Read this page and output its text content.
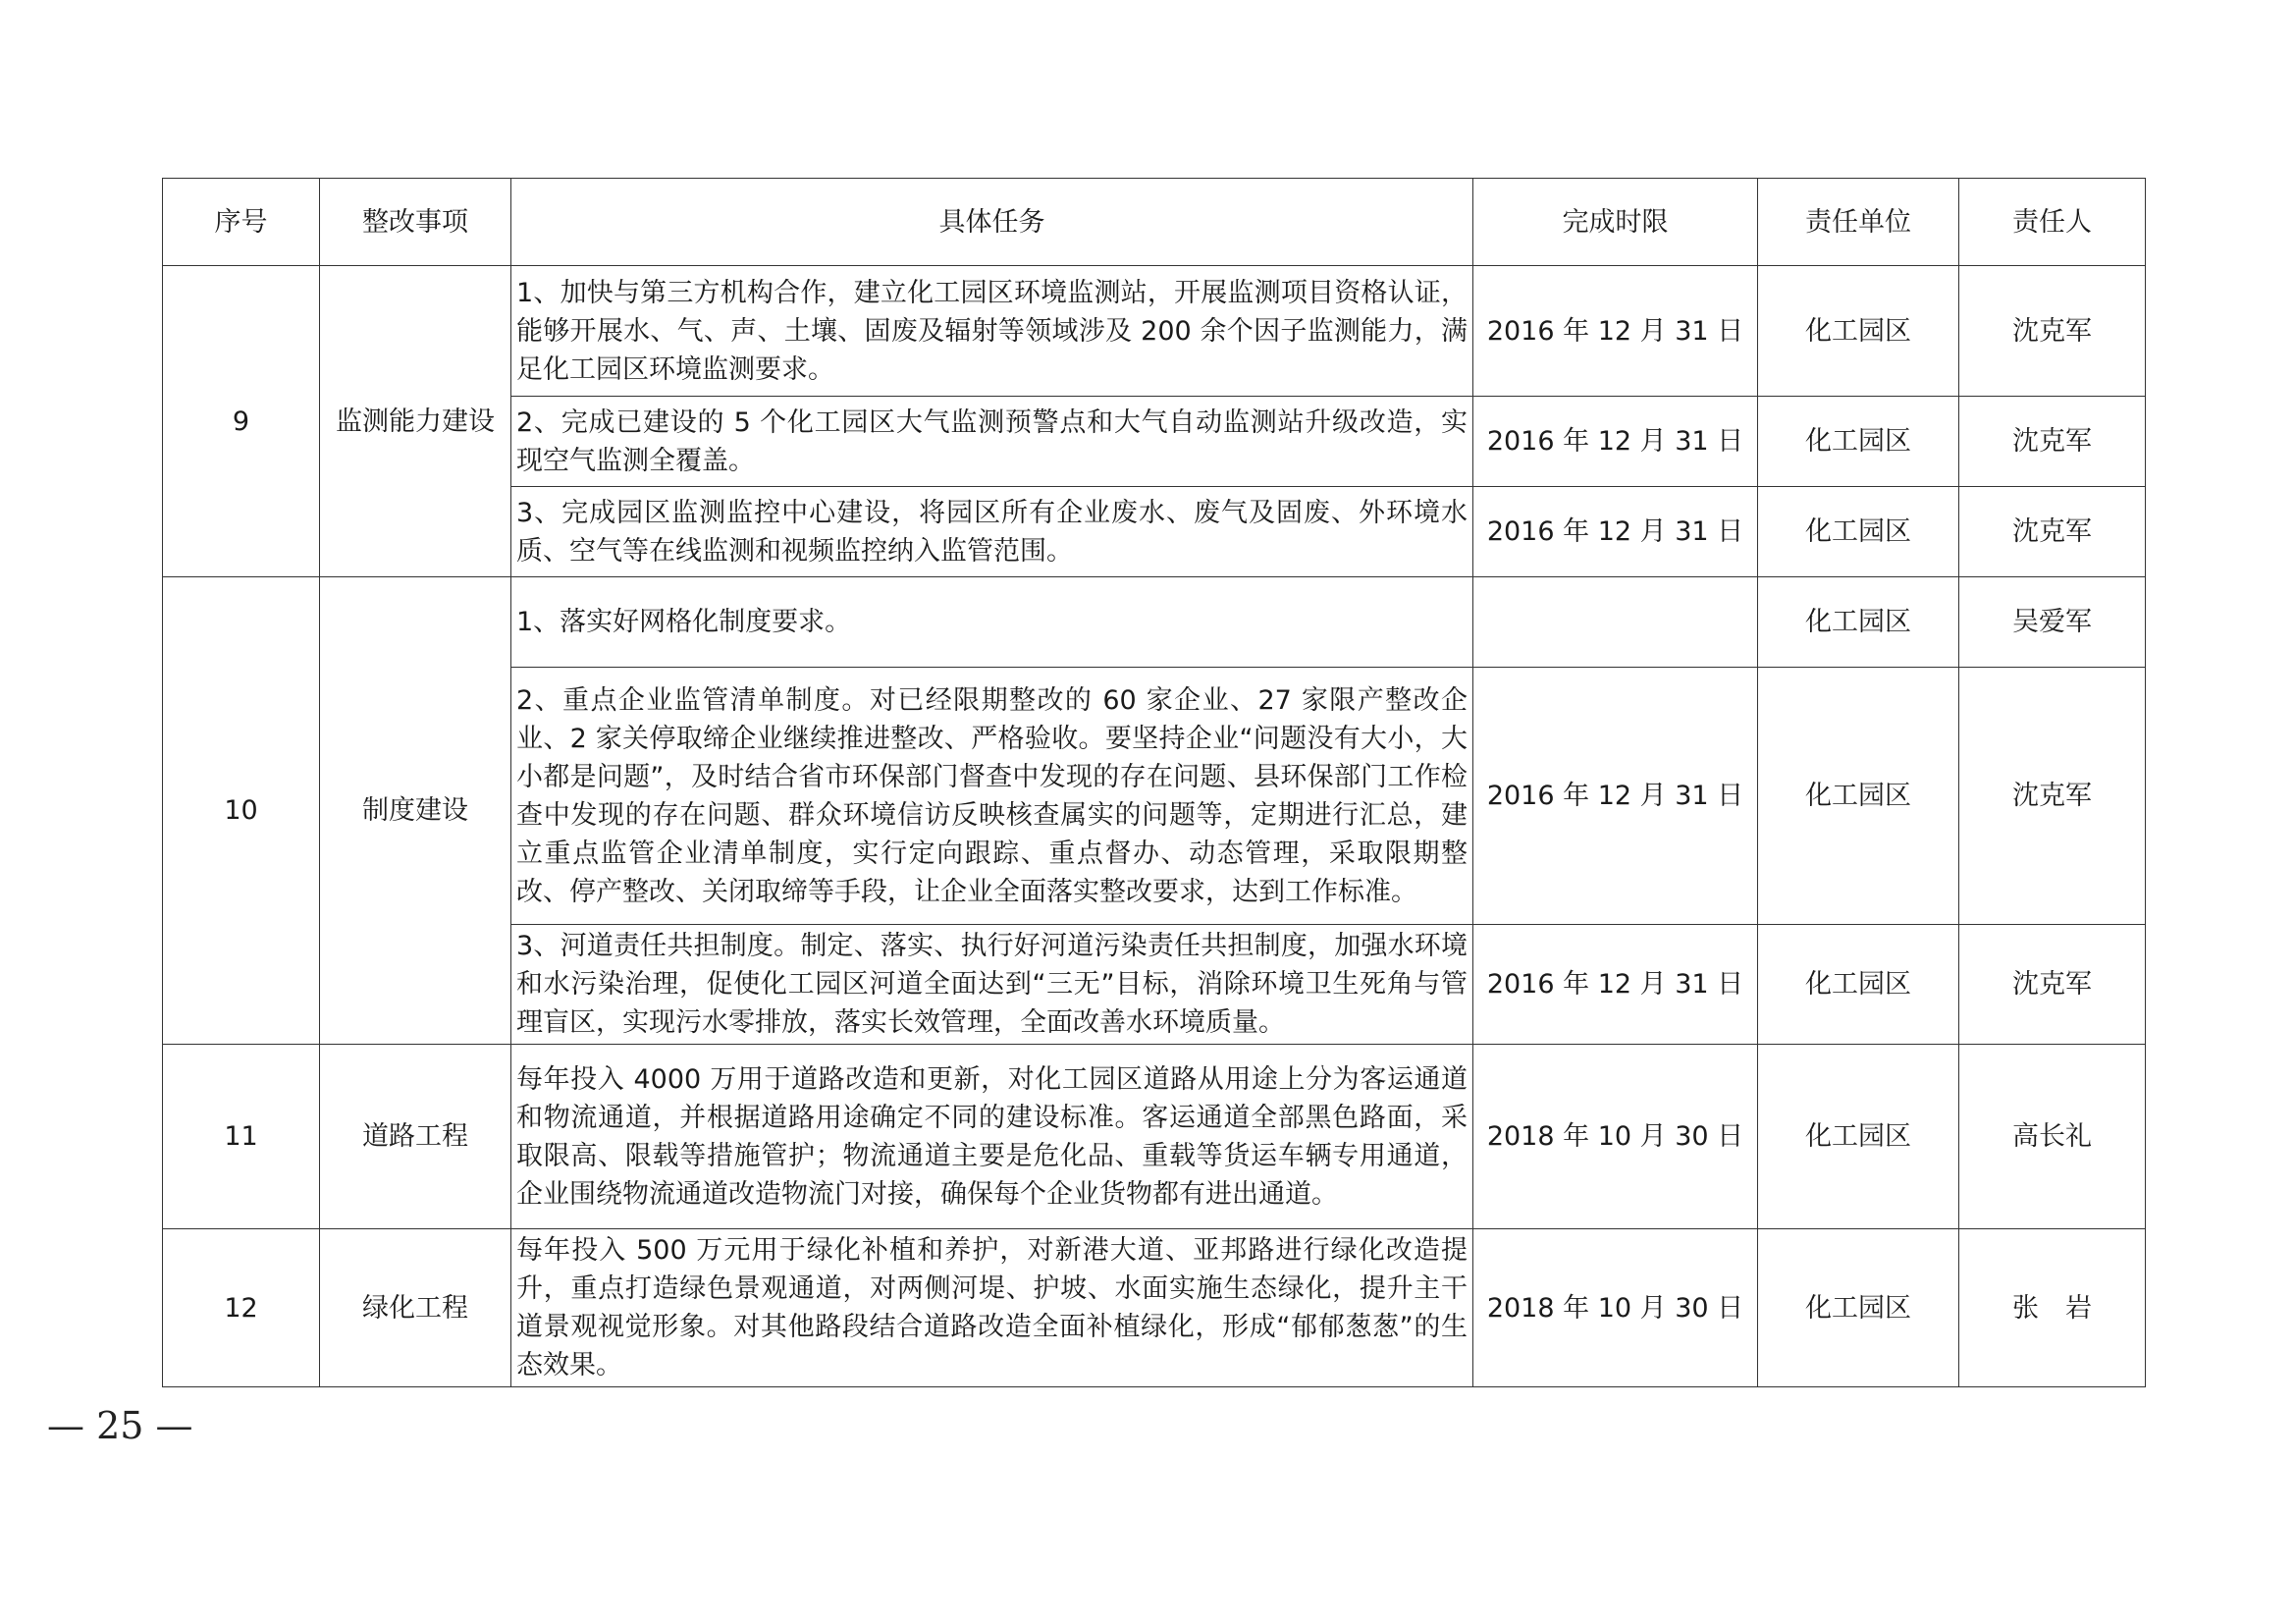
序号	整改事项	具体任务	完成时限	责任单位	责任人
9	监测能力建设	1、加快与第三方机构合作，建立化工园区环境监测站，开展监测项目资格认证，能够开展水、气、声、土壤、固废及辐射等领域涉及 200 余个因子监测能力，满足化工园区环境监测要求。	2016 年 12 月 31 日	化工园区	沈克军
		2、完成已建设的 5 个化工园区大气监测预警点和大气自动监测站升级改造，实现空气监测全覆盖。	2016 年 12 月 31 日	化工园区	沈克军
		3、完成园区监测监控中心建设，将园区所有企业废水、废气及固废、外环境水质、空气等在线监测和视频监控纳入监管范围。	2016 年 12 月 31 日	化工园区	沈克军
10	制度建设	1、落实好网格化制度要求。		化工园区	吴爱军
		2、重点企业监管清单制度。对已经限期整改的 60 家企业、27 家限产整改企业、2 家关停取缔企业继续推进整改、严格验收。要坚持企业“问题没有大小，大小都是问题”，及时结合省市环保部门督查中发现的存在问题、县环保部门工作检查中发现的存在问题、群众环境信访反映核查属实的问题等，定期进行汇总，建立重点监管企业清单制度，实行定向跟踪、重点督办、动态管理，采取限期整改、停产整改、关闭取缔等手段，让企业全面落实整改要求，达到工作标准。	2016 年 12 月 31 日	化工园区	沈克军
		3、河道责任共担制度。制定、落实、执行好河道污染责任共担制度，加强水环境和水污染治理，促使化工园区河道全面达到“三无”目标，消除环境卫生死角与管理盲区，实现污水零排放，落实长效管理，全面改善水环境质量。	2016 年 12 月 31 日	化工园区	沈克军
11	道路工程	每年投入 4000 万用于道路改造和更新，对化工园区道路从用途上分为客运通道和物流通道，并根据道路用途确定不同的建设标准。客运通道全部黑色路面，采取限高、限载等措施管护；物流通道主要是危化品、重载等货运车辆专用通道，企业围绕物流通道改造物流门对接，确保每个企业货物都有进出通道。	2018 年 10 月 30 日	化工园区	高长礼
12	绿化工程	每年投入 500 万元用于绿化补植和养护，对新港大道、亚邦路进行绿化改造提升，重点打造绿色景观通道，对两侧河堤、护坡、水面实施生态绿化，提升主干道景观视觉形象。对其他路段结合道路改造全面补植绿化，形成“郁郁葱葱”的生态效果。	2018 年 10 月 30 日	化工园区	张　岩
— 25 —
